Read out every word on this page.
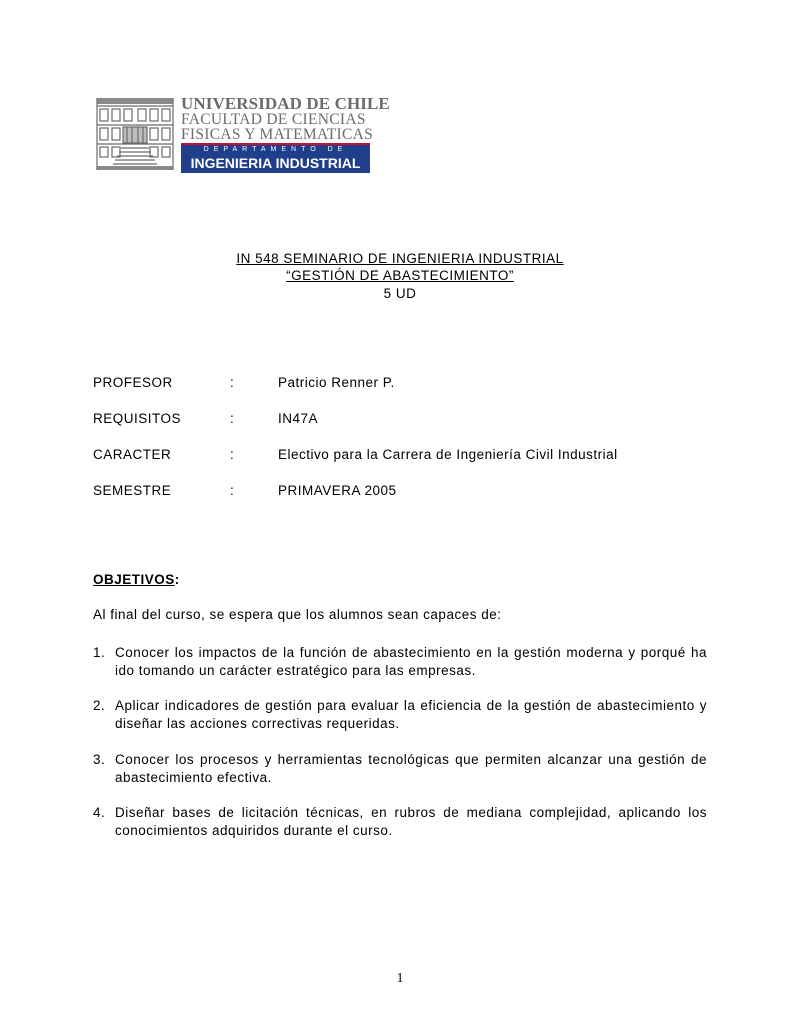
UNIVERSIDAD DE CHILE
FACULTAD DE CIENCIAS
FISICAS Y MATEMATICAS
DEPARTAMENTO DE
INGENIERIA INDUSTRIAL
IN 548 SEMINARIO DE INGENIERIA INDUSTRIAL
“GESTIÓN DE ABASTECIMIENTO”
5 UD
PROFESOR	:	Patricio Renner P.
REQUISITOS	:	IN47A
CARACTER	:	Electivo para la Carrera de Ingeniería Civil Industrial
SEMESTRE	:	PRIMAVERA 2005
OBJETIVOS:
Al final del curso, se espera que los alumnos sean capaces de:
1. Conocer los impactos de la función de abastecimiento en la gestión moderna y porqué ha ido tomando un carácter estratégico para las empresas.
2. Aplicar indicadores de gestión para evaluar la eficiencia de la gestión de abastecimiento y diseñar las acciones correctivas requeridas.
3. Conocer los procesos y herramientas tecnológicas que permiten alcanzar una gestión de abastecimiento efectiva.
4. Diseñar bases de licitación técnicas, en rubros de mediana complejidad, aplicando los conocimientos adquiridos durante el curso.
1
